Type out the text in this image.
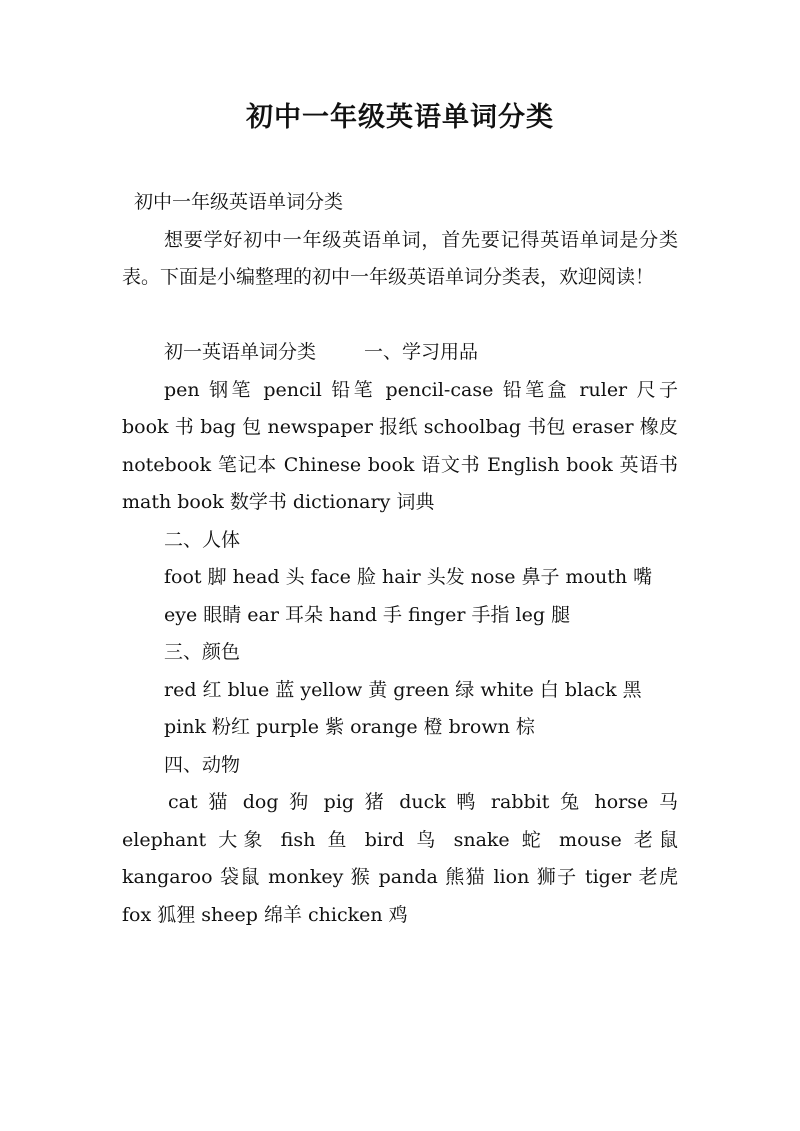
初中一年级英语单词分类

初中一年级英语单词分类

想要学好初中一年级英语单词，首先要记得英语单词是分类表。下面是小编整理的初中一年级英语单词分类表，欢迎阅读！

初一英语单词分类	一、学习用品

pen 钢笔 pencil 铅笔 pencil-case 铅笔盒 ruler 尺子 book 书 bag 包 newspaper 报纸 schoolbag 书包 eraser 橡皮 notebook 笔记本 Chinese book 语文书 English book 英语书 math book 数学书 dictionary 词典

二、人体

foot 脚 head 头 face 脸 hair 头发 nose 鼻子 mouth 嘴

eye 眼睛 ear 耳朵 hand 手 finger 手指 leg 腿

三、颜色

red 红 blue 蓝 yellow 黄 green 绿 white 白 black 黑

pink 粉红 purple 紫 orange 橙 brown 棕

四、动物

cat 猫 dog 狗 pig 猪 duck 鸭 rabbit 兔 horse 马 elephant 大象 fish 鱼 bird 鸟 snake 蛇 mouse 老鼠 kangaroo 袋鼠 monkey 猴 panda 熊猫 lion 狮子 tiger 老虎 fox 狐狸 sheep 绵羊 chicken 鸡
